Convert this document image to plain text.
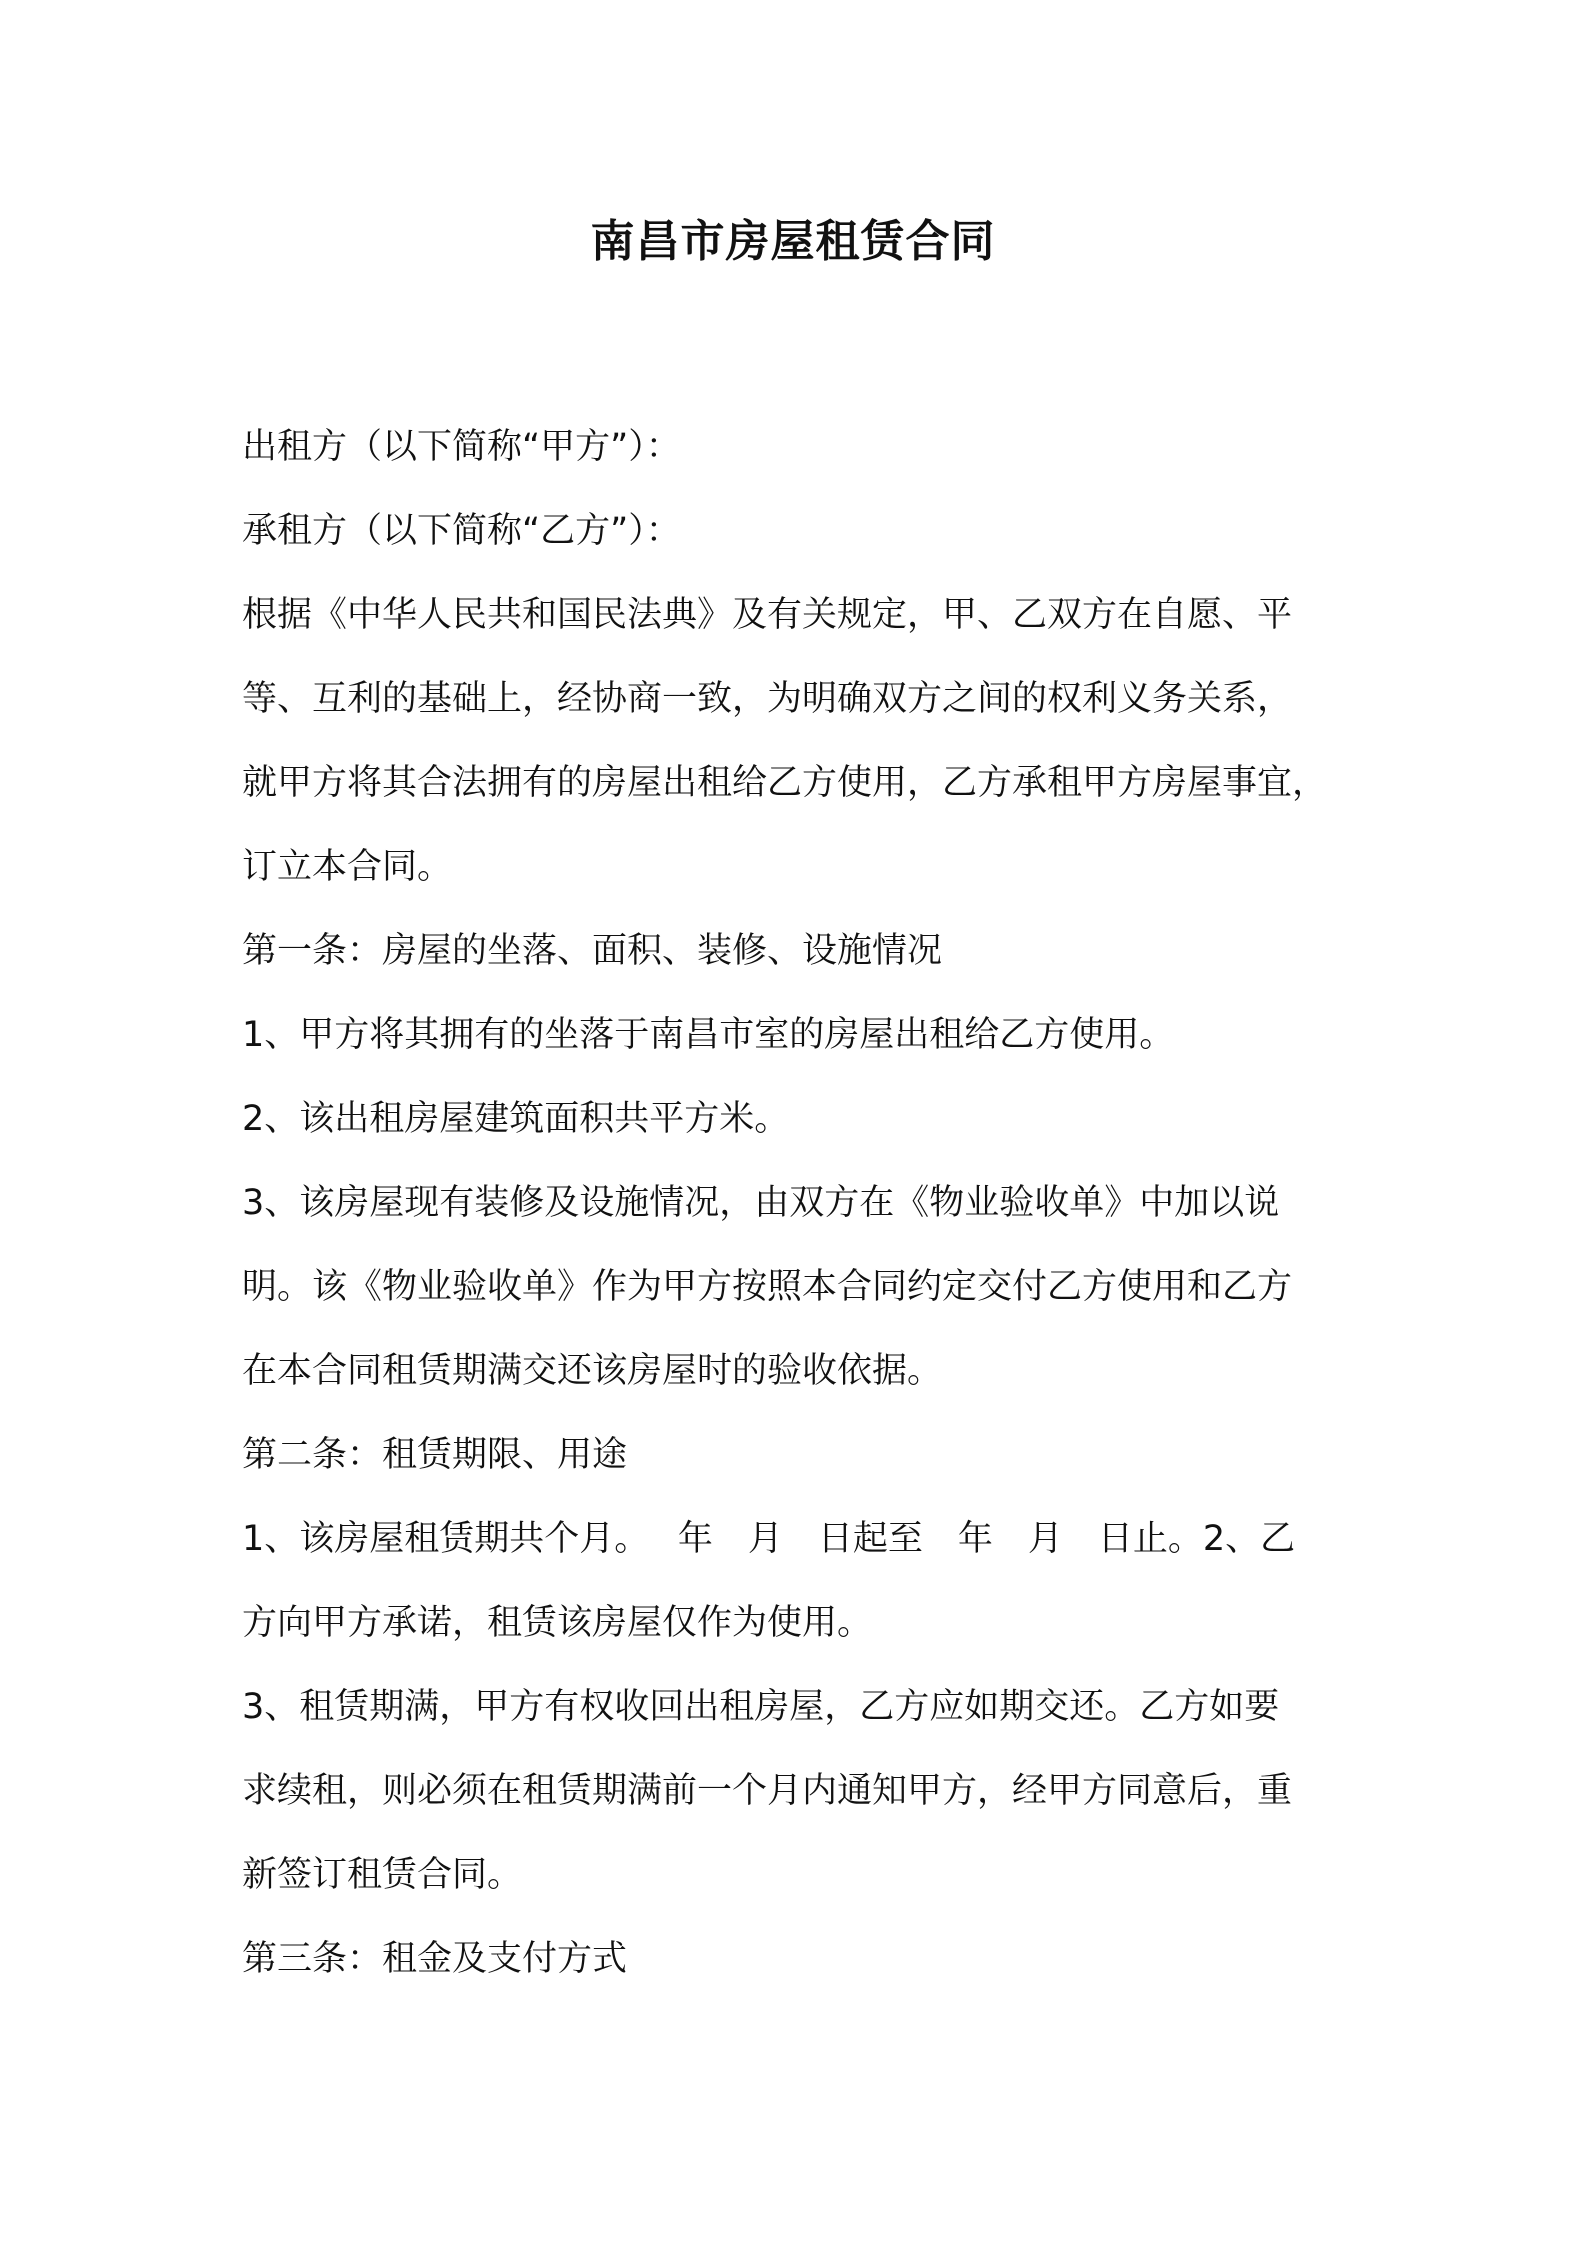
南昌市房屋租赁合同
出租方（以下简称“甲方”）：
承租方（以下简称“乙方”）：
根据《中华人民共和国民法典》及有关规定，甲、乙双方在自愿、平
等、互利的基础上，经协商一致，为明确双方之间的权利义务关系，
就甲方将其合法拥有的房屋出租给乙方使用，乙方承租甲方房屋事宜，
订立本合同。
第一条：房屋的坐落、面积、装修、设施情况
1、甲方将其拥有的坐落于南昌市室的房屋出租给乙方使用。
2、该出租房屋建筑面积共平方米。
3、该房屋现有装修及设施情况，由双方在《物业验收单》中加以说
明。该《物业验收单》作为甲方按照本合同约定交付乙方使用和乙方
在本合同租赁期满交还该房屋时的验收依据。
第二条：租赁期限、用途
1、该房屋租赁期共个月。　 年　月　日起至　年　月　日止。2、乙
方向甲方承诺，租赁该房屋仅作为使用。
3、租赁期满，甲方有权收回出租房屋，乙方应如期交还。乙方如要
求续租，则必须在租赁期满前一个月内通知甲方，经甲方同意后，重
新签订租赁合同。
第三条：租金及支付方式
